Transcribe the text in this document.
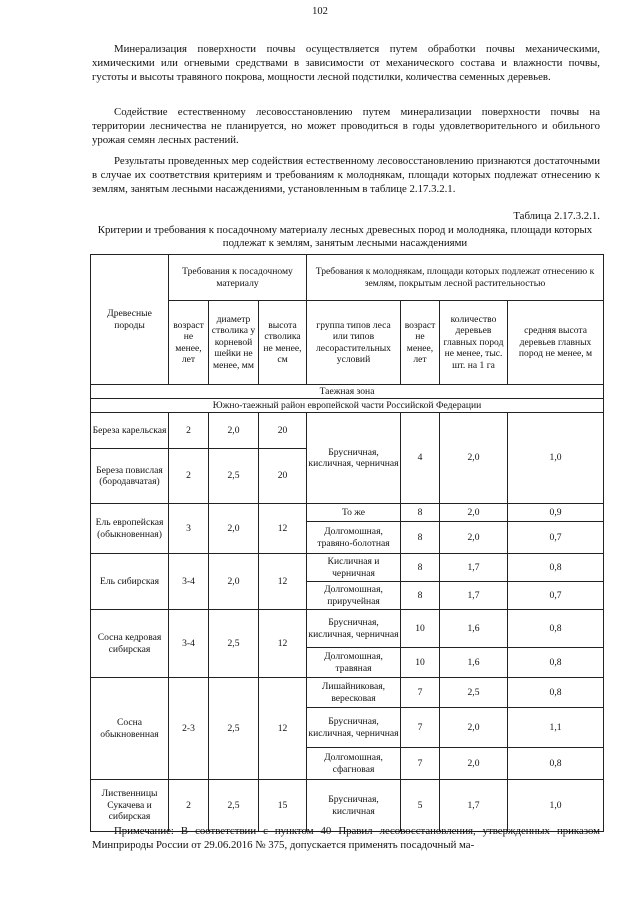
102

Минерализация поверхности почвы осуществляется путем обработки почвы механическими, химическими или огневыми средствами в зависимости от механического состава и влажности почвы, густоты и высоты травяного покрова, мощности лесной подстилки, количества семенных деревьев.

Содействие естественному лесовосстановлению путем минерализации поверхности почвы на территории лесничества не планируется, но может проводиться в годы удовлетворительного и обильного урожая семян лесных растений.

Результаты проведенных мер содействия естественному лесовосстановлению признаются достаточными в случае их соответствия критериям и требованиям к молоднякам, площади которых подлежат отнесению к землям, занятым лесными насаждениями, установленным в таблице 2.17.3.2.1.

Таблица 2.17.3.2.1.
Критерии и требования к посадочному материалу лесных древесных пород и молодняка, площади которых подлежат к землям, занятым лесными насаждениями
Древесные породы	Требования к посадочному материалу			Требования к молоднякам, площади которых подлежат отнесению к землям, покрытым лесной растительностью			
	возраст не менее, лет	диаметр стволика у корневой шейки не менее, мм	высота стволика не менее, см	группа типов леса или типов лесорастительных условий	возраст не менее, лет	количество деревьев главных пород не менее, тыс. шт. на 1 га	средняя высота деревьев главных пород не менее, м
Таежная зона							
Южно-таежный район европейской части Российской Федерации							
Береза карельская	2	2,0	20	Брусничная, кисличная, черничная	4	2,0	1,0
Береза повислая (бородавчатая)	2	2,5	20				
Ель европейская (обыкновенная)	3	2,0	12	То же	8	2,0	0,9
				Долгомошная, травяно-болотная	8	2,0	0,7
Ель сибирская	3-4	2,0	12	Кисличная и черничная	8	1,7	0,8
				Долгомошная, приручейная	8	1,7	0,7
Сосна кедровая сибирская	3-4	2,5	12	Брусничная, кисличная, черничная	10	1,6	0,8
				Долгомошная, травяная	10	1,6	0,8
Сосна обыкновенная	2-3	2,5	12	Лишайниковая, вересковая	7	2,5	0,8
				Брусничная, кисличная, черничная	7	2,0	1,1
				Долгомошная, сфагновая	7	2,0	0,8
Лиственницы Сукачева и сибирская	2	2,5	15	Брусничная, кисличная	5	1,7	1,0

Примечание: В соответствии с пунктом 40 Правил лесовосстановления, утвержденных приказом Минприроды России от 29.06.2016 № 375, допускается применять посадочный ма-
